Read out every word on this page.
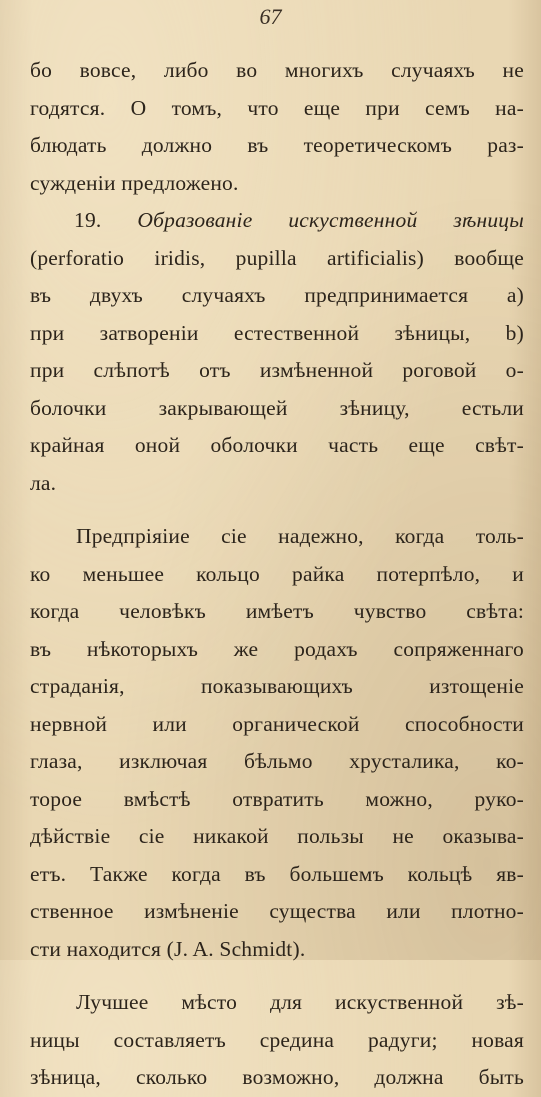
67
бо вовсе, либо во многихъ случаяхъ не
годятся. О томъ, что еще при семъ на-
блюдать должно въ теоретическомъ раз-
сужденіи предложено.
19. Образованіе искуственной зѣницы
(perforatio iridis, pupilla artificialis) вообще
въ двухъ случаяхъ предпринимается a)
при затвореніи естественной зѣницы, b)
при слѣпотѣ отъ измѣненной роговой о-
болочки закрывающей зѣницу, естьли
крайная оной оболочки часть еще свѣт-
ла.
Предпріяіие сіе надежно, когда толь-
ко меньшее кольцо райка потерпѣло, и
когда человѣкъ имѣетъ чувство свѣта:
въ нѣкоторыхъ же родахъ сопряженнаго
страданія, показывающихъ изтощеніе
нервной или органической способности
глаза, изключая бѣльмо хрусталика, ко-
торое вмѣстѣ отвратить можно, руко-
дѣйствіе сіе никакой пользы не оказыва-
етъ. Также когда въ большемъ кольцѣ яв-
ственное измѣненіе существа или плотно-
сти находится (J. A. Schmidt).
Лучшее мѣсто для искуственной зѣ-
ницы составляетъ средина радуги; новая
зѣница, сколько возможно, должна быть
